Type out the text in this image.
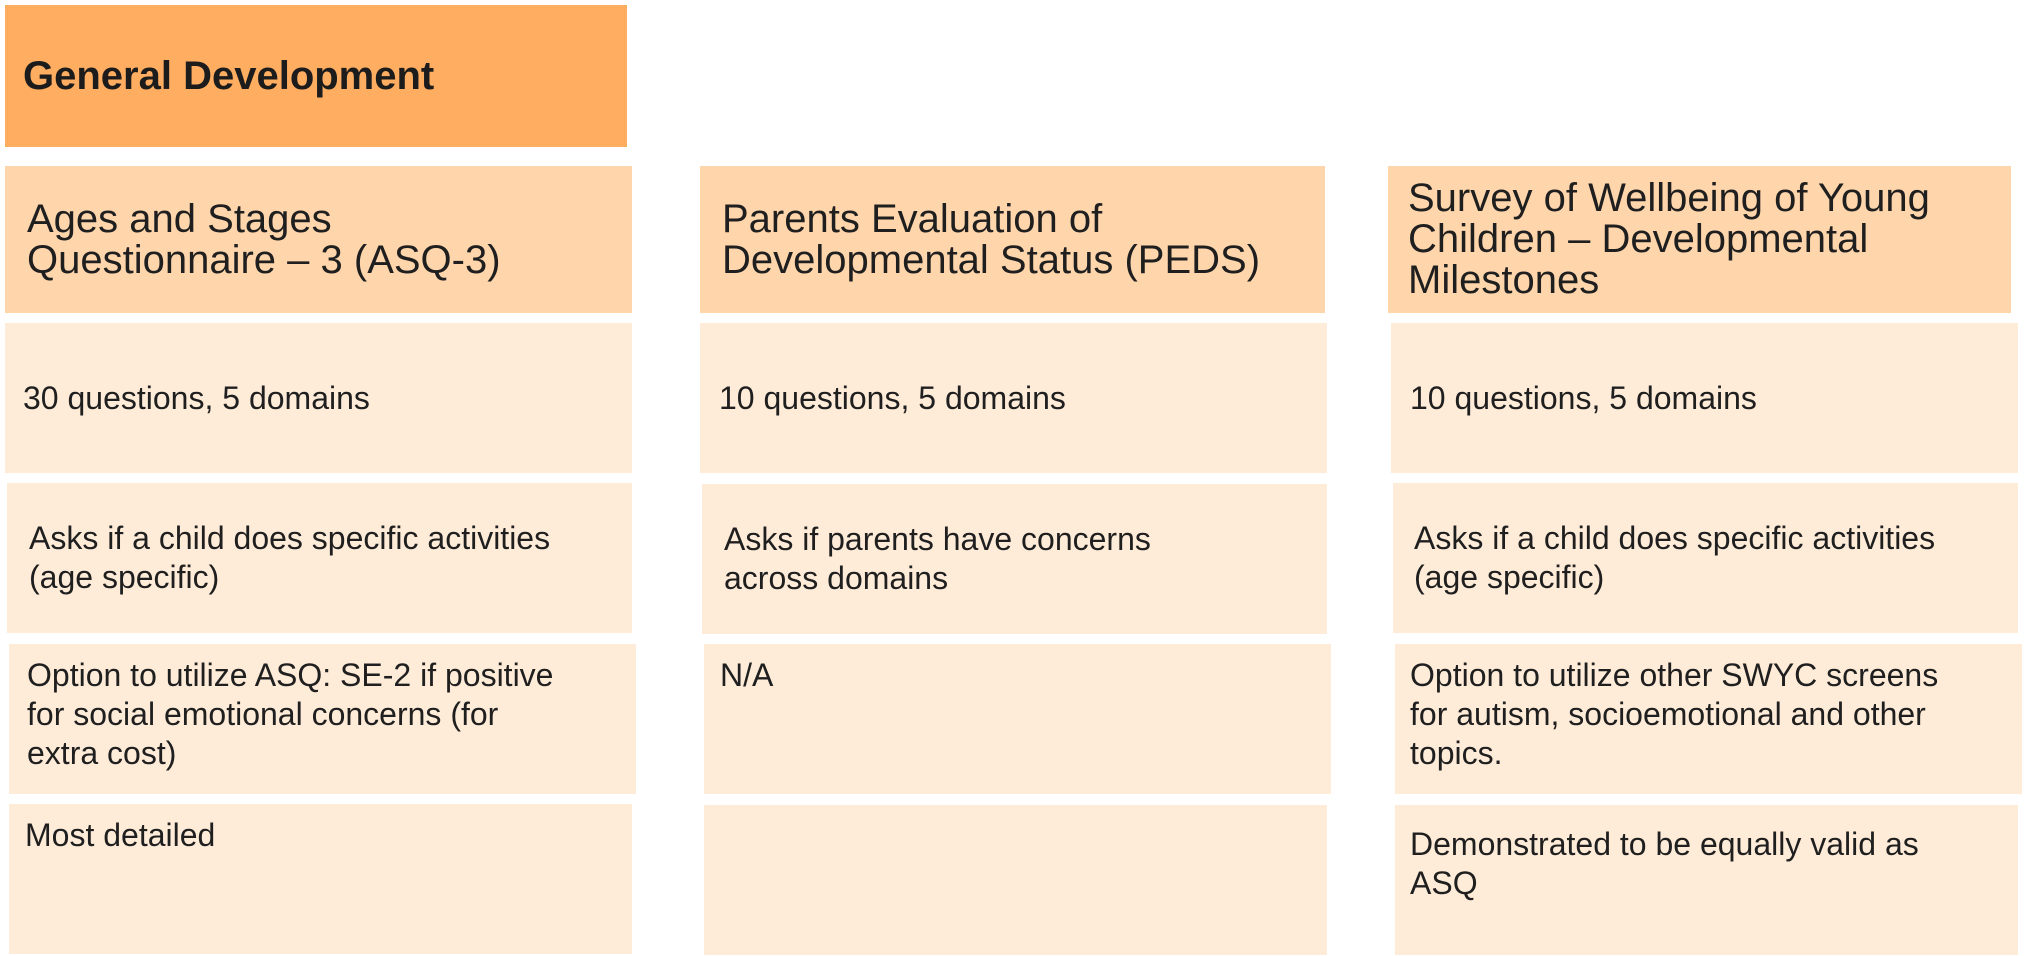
General Development
Ages and Stages
Questionnaire – 3 (ASQ-3)
30 questions, 5 domains
Asks if a child does specific activities
(age specific)
Option to utilize ASQ: SE-2 if positive
for social emotional concerns (for
extra cost)
Most detailed
Parents Evaluation of
Developmental Status (PEDS)
10 questions, 5 domains
Asks if parents have concerns
across domains
N/A
Survey of Wellbeing of Young
Children – Developmental
Milestones
10 questions, 5 domains
Asks if a child does specific activities
(age specific)
Option to utilize other SWYC screens
for autism, socioemotional and other
topics.
Demonstrated to be equally valid as
ASQ
